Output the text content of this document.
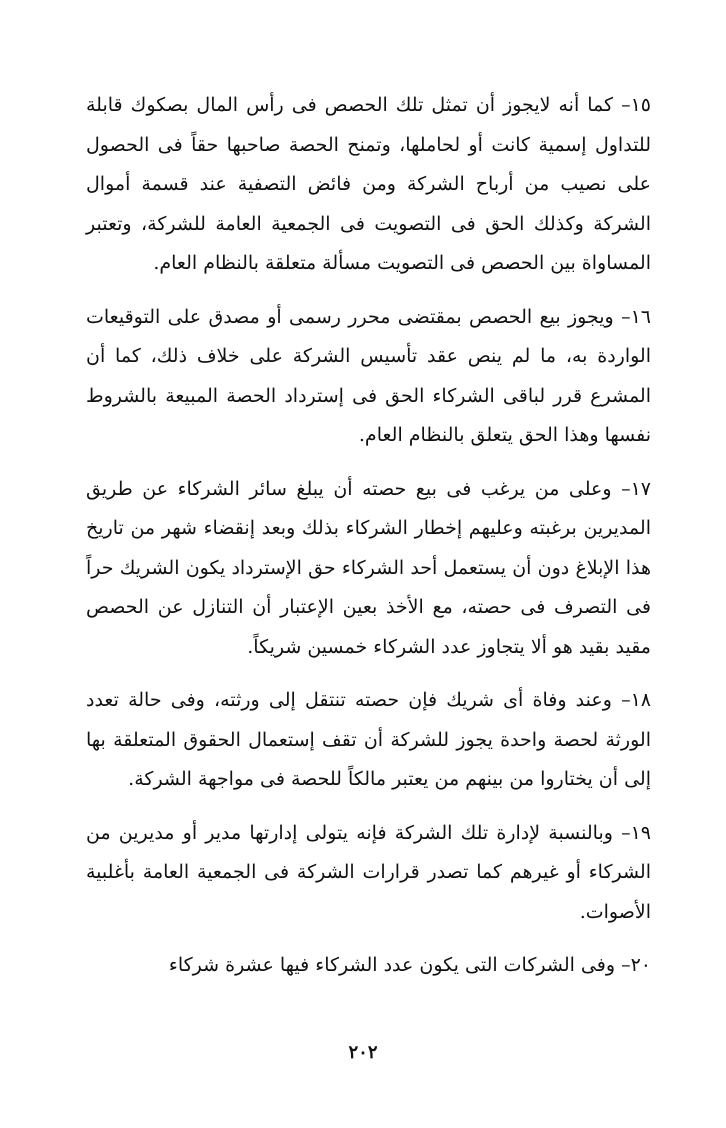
١٥– كما أنه لايجوز أن تمثل تلك الحصص فى رأس المال بصكوك قابلة للتداول إسمية كانت أو لحاملها، وتمنح الحصة صاحبها حقاً فى الحصول على نصيب من أرباح الشركة ومن فائض التصفية عند قسمة أموال الشركة وكذلك الحق فى التصويت فى الجمعية العامة للشركة، وتعتبر المساواة بين الحصص فى التصويت مسألة متعلقة بالنظام العام.

١٦– ويجوز بيع الحصص بمقتضى محرر رسمى أو مصدق على التوقيعات الواردة به، ما لم ينص عقد تأسيس الشركة على خلاف ذلك، كما أن المشرع قرر لباقى الشركاء الحق فى إسترداد الحصة المبيعة بالشروط نفسها وهذا الحق يتعلق بالنظام العام.

١٧– وعلى من يرغب فى بيع حصته أن يبلغ سائر الشركاء عن طريق المديرين برغبته وعليهم إخطار الشركاء بذلك وبعد إنقضاء شهر من تاريخ هذا الإبلاغ دون أن يستعمل أحد الشركاء حق الإسترداد يكون الشريك حراً فى التصرف فى حصته، مع الأخذ بعين الإعتبار أن التنازل عن الحصص مقيد بقيد هو ألا يتجاوز عدد الشركاء خمسين شريكاً.

١٨– وعند وفاة أى شريك فإن حصته تنتقل إلى ورثته، وفى حالة تعدد الورثة لحصة واحدة يجوز للشركة أن تقف إستعمال الحقوق المتعلقة بها إلى أن يختاروا من بينهم من يعتبر مالكاً للحصة فى مواجهة الشركة.

١٩– وبالنسبة لإدارة تلك الشركة فإنه يتولى إدارتها مدير أو مديرين من الشركاء أو غيرهم كما تصدر قرارات الشركة فى الجمعية العامة بأغلبية الأصوات.

٢٠– وفى الشركات التى يكون عدد الشركاء فيها عشرة شركاء

٢٠٢
